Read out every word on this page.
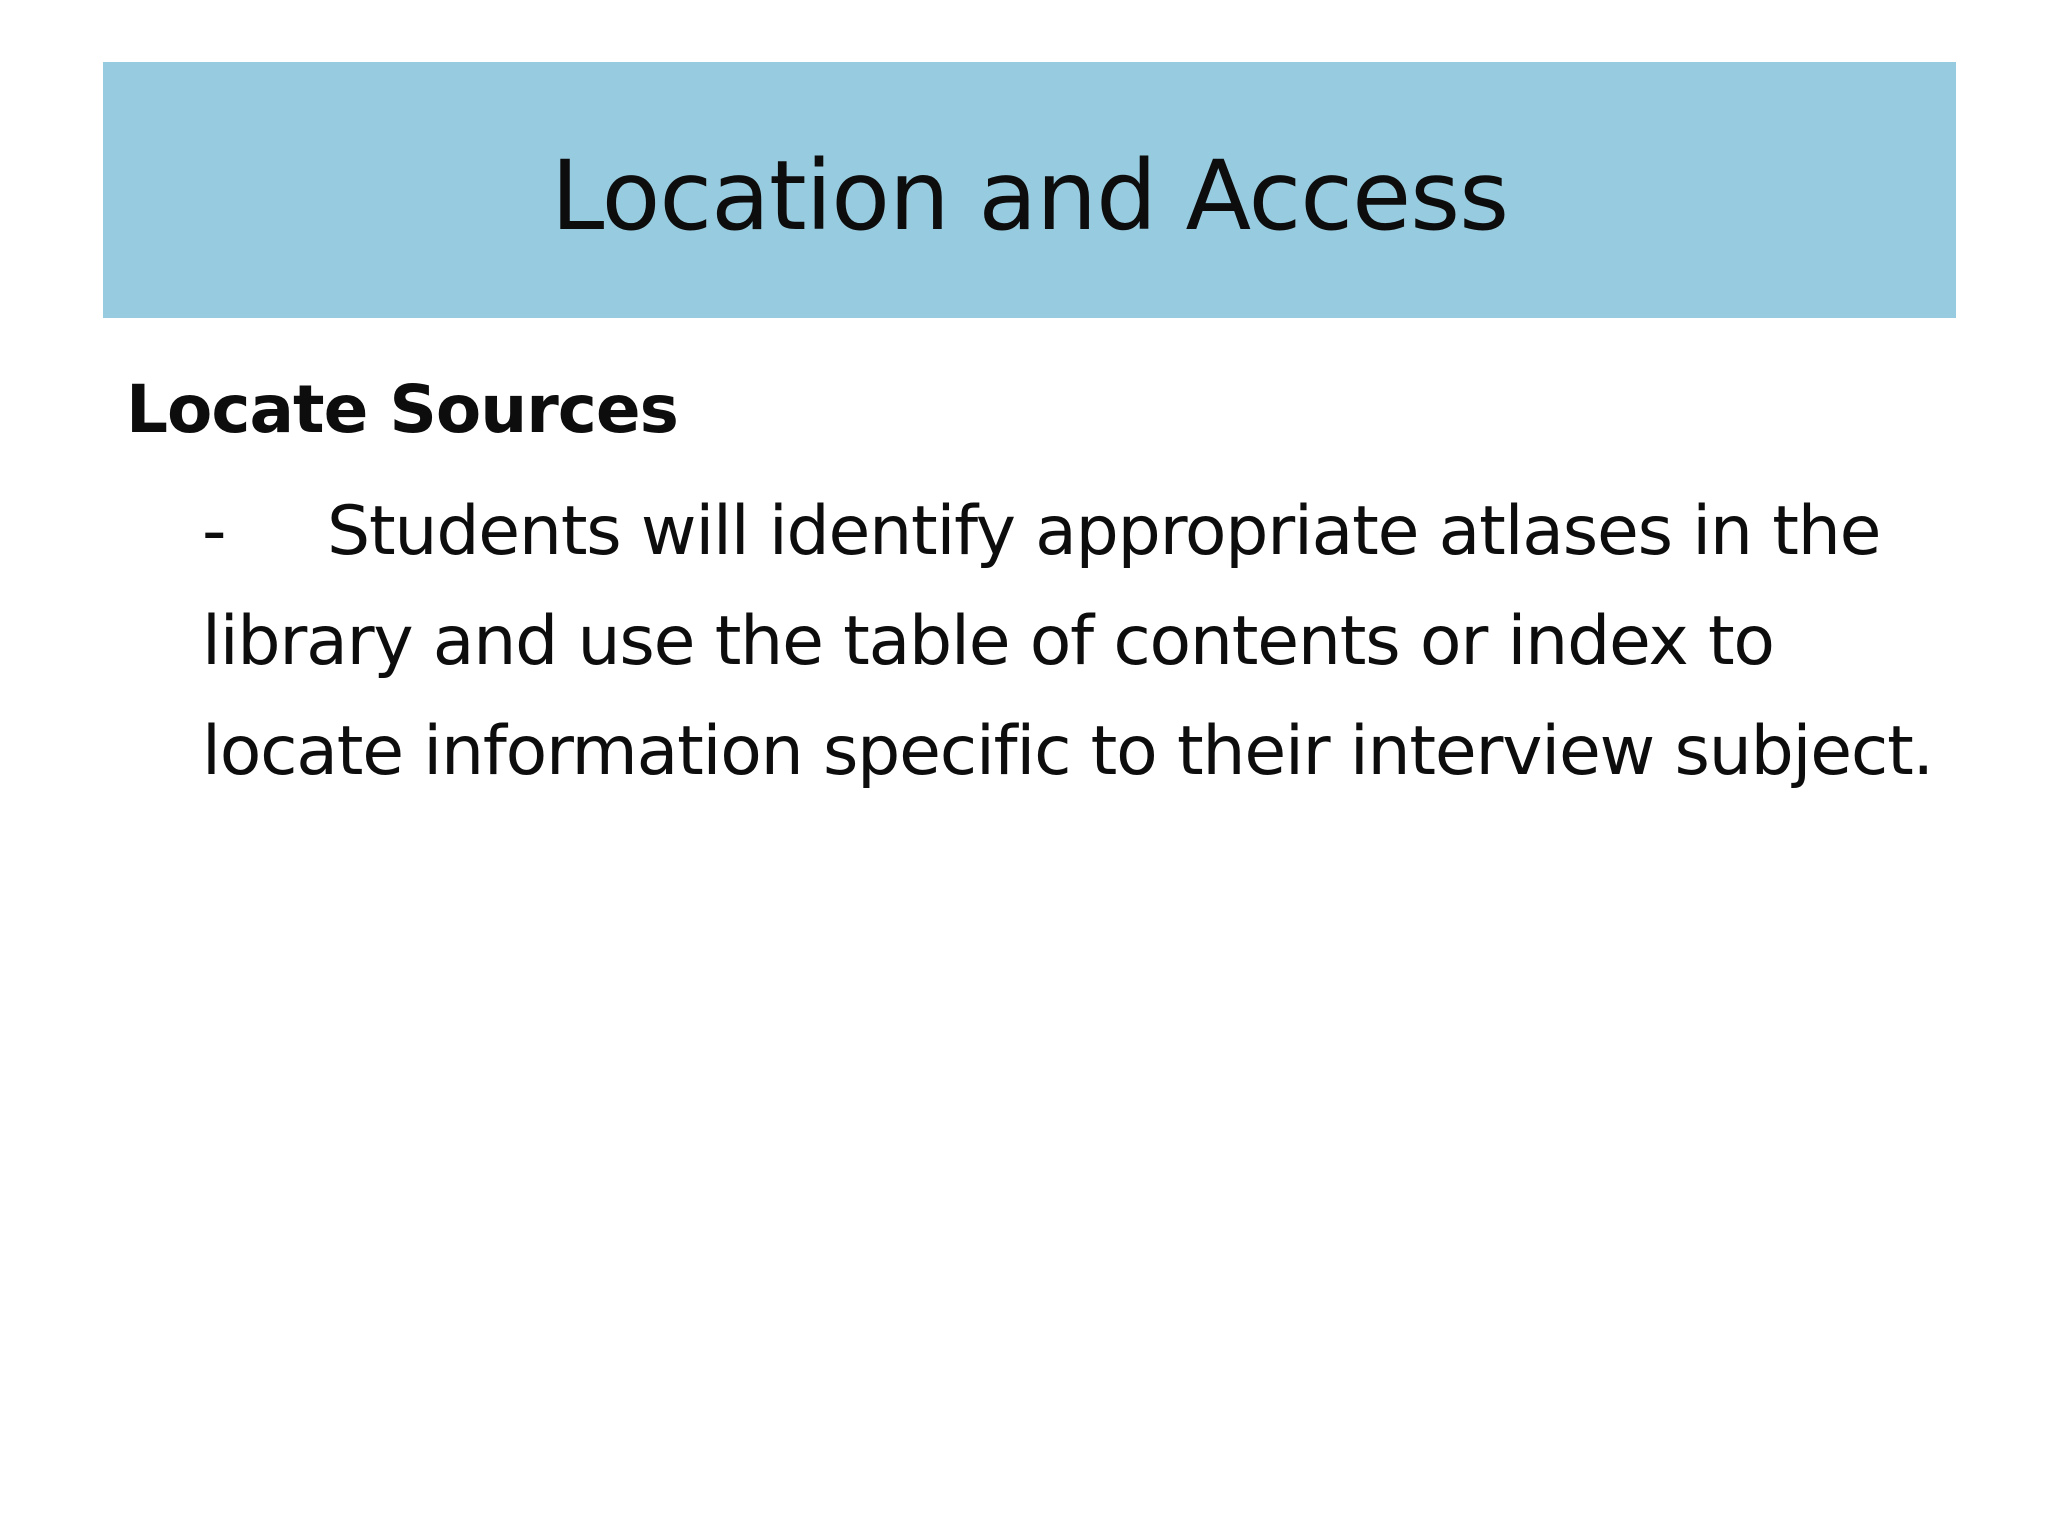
Location and Access

Locate Sources

- Students will identify appropriate atlases in the library and use the table of contents or index to locate information specific to their interview subject.
